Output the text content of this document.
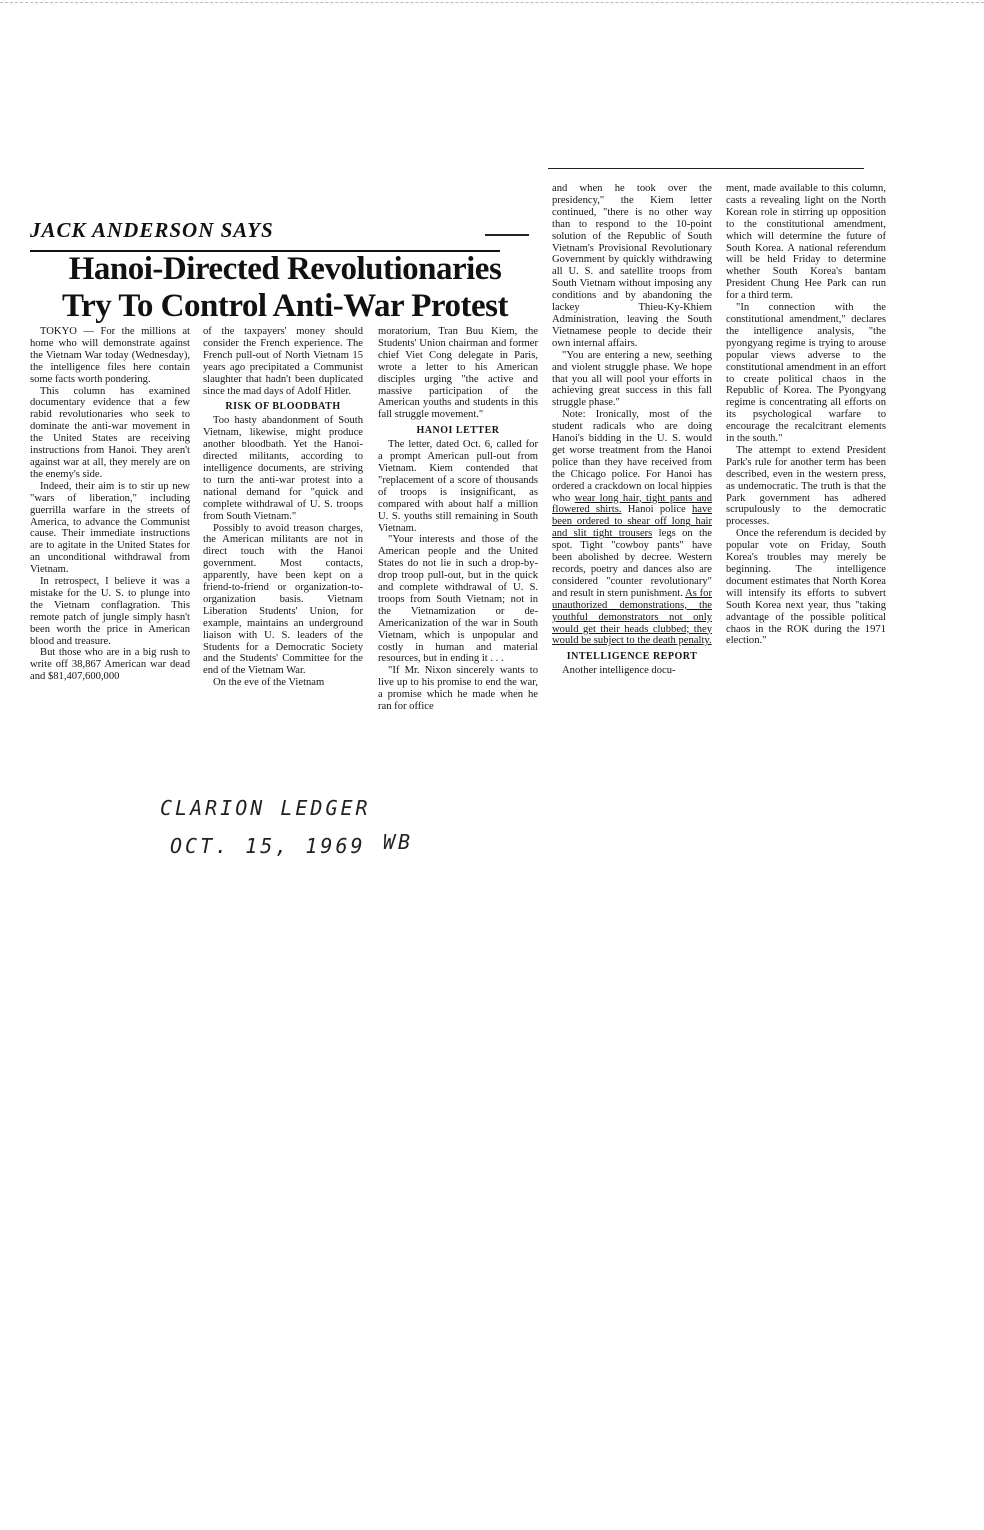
JACK ANDERSON SAYS
Hanoi-Directed Revolutionaries
Try To Control Anti-War Protest

TOKYO — For the millions at home who will demonstrate against the Vietnam War today (Wednesday), the intelligence files here contain some facts worth pondering.

This column has examined documentary evidence that a few rabid revolutionaries who seek to dominate the anti-war movement in the United States are receiving instructions from Hanoi. They aren't against war at all, they merely are on the enemy's side.

Indeed, their aim is to stir up new "wars of liberation," including guerrilla warfare in the streets of America, to advance the Communist cause. Their immediate instructions are to agitate in the United States for an unconditional withdrawal from Vietnam.

In retrospect, I believe it was a mistake for the U. S. to plunge into the Vietnam conflagration. This remote patch of jungle simply hasn't been worth the price in American blood and treasure.

But those who are in a big rush to write off 38,867 American war dead and $81,407,600,000

of the taxpayers' money should consider the French experience. The French pull-out of North Vietnam 15 years ago precipitated a Communist slaughter that hadn't been duplicated since the mad days of Adolf Hitler.

RISK OF BLOODBATH

Too hasty abandonment of South Vietnam, likewise, might produce another bloodbath. Yet the Hanoi-directed militants, according to intelligence documents, are striving to turn the anti-war protest into a national demand for "quick and complete withdrawal of U. S. troops from South Vietnam."

Possibly to avoid treason charges, the American militants are not in direct touch with the Hanoi government. Most contacts, apparently, have been kept on a friend-to-friend or organization-to-organization basis. Vietnam Liberation Students' Union, for example, maintains an underground liaison with U. S. leaders of the Students for a Democratic Society and the Students' Committee for the end of the Vietnam War.

On the eve of the Vietnam

moratorium, Tran Buu Kiem, the Students' Union chairman and former chief Viet Cong delegate in Paris, wrote a letter to his American disciples urging "the active and massive participation of the American youths and students in this fall struggle movement."

HANOI LETTER

The letter, dated Oct. 6, called for a prompt American pull-out from Vietnam. Kiem contended that "replacement of a score of thousands of troops is insignificant, as compared with about half a million U. S. youths still remaining in South Vietnam.

"Your interests and those of the American people and the United States do not lie in such a drop-by-drop troop pull-out, but in the quick and complete withdrawal of U. S. troops from South Vietnam; not in the Vietnamization or de-Americanization of the war in South Vietnam, which is unpopular and costly in human and material resources, but in ending it . . .

"If Mr. Nixon sincerely wants to live up to his promise to end the war, a promise which he made when he ran for office

and when he took over the presidency," the Kiem letter continued, "there is no other way than to respond to the 10-point solution of the Republic of South Vietnam's Provisional Revolutionary Government by quickly withdrawing all U. S. and satellite troops from South Vietnam without imposing any conditions and by abandoning the lackey Thieu-Ky-Khiem Administration, leaving the South Vietnamese people to decide their own internal affairs.

"You are entering a new, seething and violent struggle phase. We hope that you all will pool your efforts in achieving great success in this fall struggle phase."

Note: Ironically, most of the student radicals who are doing Hanoi's bidding in the U. S. would get worse treatment from the Hanoi police than they have received from the Chicago police. For Hanoi has ordered a crackdown on local hippies who wear long hair, tight pants and flowered shirts. Hanoi police have been ordered to shear off long hair and slit tight trousers legs on the spot. Tight "cowboy pants" have been abolished by decree. Western records, poetry and dances also are considered "counter revolutionary" and result in stern punishment. As for unauthorized demonstrations, the youthful demonstrators not only would get their heads clubbed; they would be subject to the death penalty.

INTELLIGENCE REPORT

Another intelligence docu-

ment, made available to this column, casts a revealing light on the North Korean role in stirring up opposition to the constitutional amendment, which will determine the future of South Korea. A national referendum will be held Friday to determine whether South Korea's bantam President Chung Hee Park can run for a third term.

"In connection with the constitutional amendment," declares the intelligence analysis, "the pyongyang regime is trying to arouse popular views adverse to the constitutional amendment in an effort to create political chaos in the Republic of Korea. The Pyongyang regime is concentrating all efforts on its psychological warfare to encourage the recalcitrant elements in the south."

The attempt to extend President Park's rule for another term has been described, even in the western press, as undemocratic. The truth is that the Park government has adhered scrupulously to the democratic processes.

Once the referendum is decided by popular vote on Friday, South Korea's troubles may merely be beginning. The intelligence document estimates that North Korea will intensify its efforts to subvert South Korea next year, thus "taking advantage of the possible political chaos in the ROK during the 1971 election."

CLARION LEDGER
OCT. 15, 1969 WB
